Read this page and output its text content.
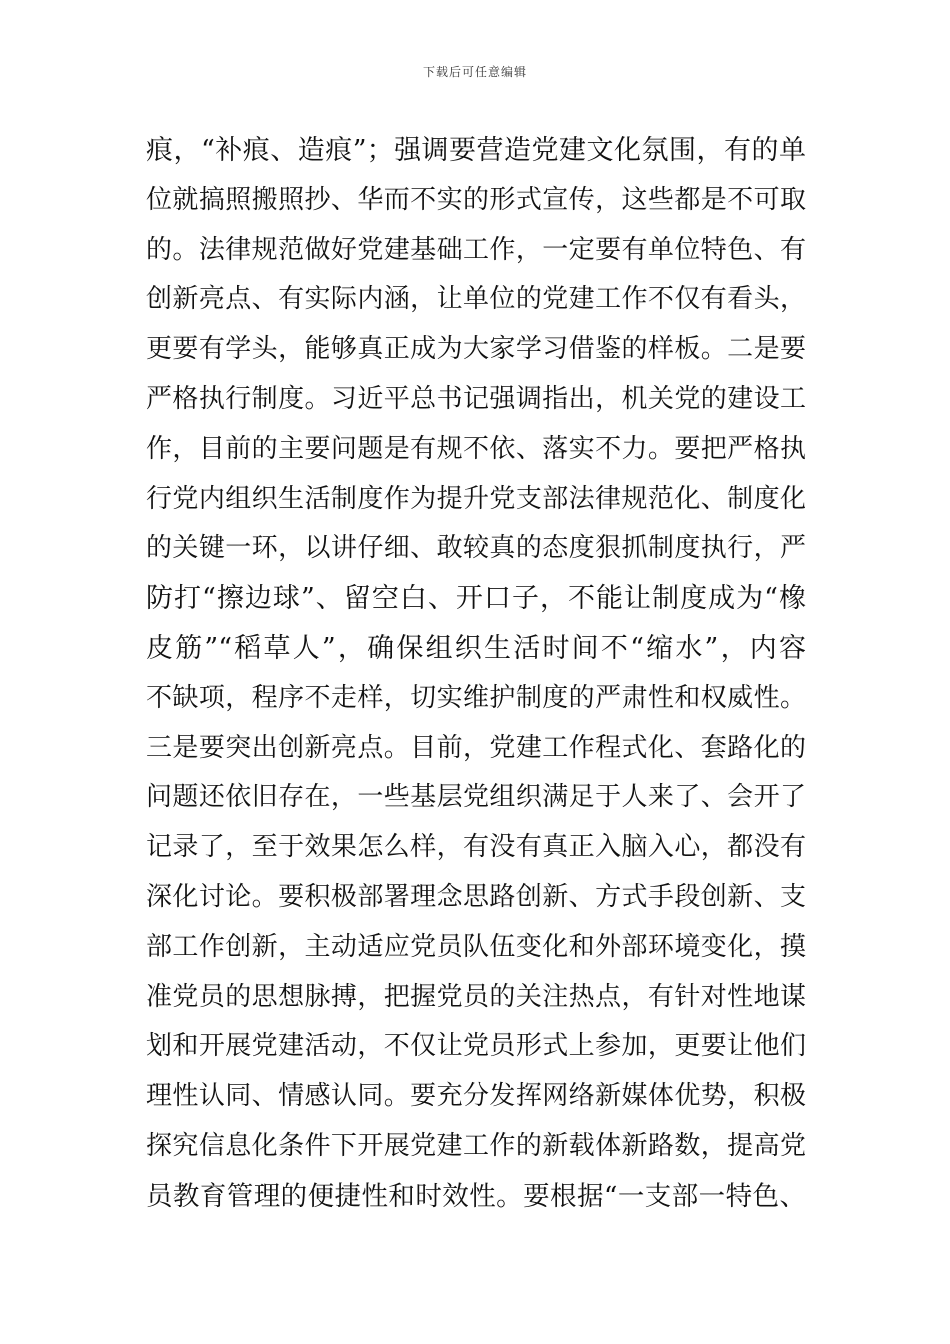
下载后可任意编辑
痕，“补痕、造痕”；强调要营造党建文化氛围，有的单
位就搞照搬照抄、华而不实的形式宣传，这些都是不可取
的。法律规范做好党建基础工作，一定要有单位特色、有
创新亮点、有实际内涵，让单位的党建工作不仅有看头，
更要有学头，能够真正成为大家学习借鉴的样板。二是要
严格执行制度。习近平总书记强调指出，机关党的建设工
作，目前的主要问题是有规不依、落实不力。要把严格执
行党内组织生活制度作为提升党支部法律规范化、制度化
的关键一环，以讲仔细、敢较真的态度狠抓制度执行，严
防打“擦边球”、留空白、开口子，不能让制度成为“橡
皮筋”“稻草人”，确保组织生活时间不“缩水”，内容
不缺项，程序不走样，切实维护制度的严肃性和权威性。
三是要突出创新亮点。目前，党建工作程式化、套路化的
问题还依旧存在，一些基层党组织满足于人来了、会开了
记录了，至于效果怎么样，有没有真正入脑入心，都没有
深化讨论。要积极部署理念思路创新、方式手段创新、支
部工作创新，主动适应党员队伍变化和外部环境变化，摸
准党员的思想脉搏，把握党员的关注热点，有针对性地谋
划和开展党建活动，不仅让党员形式上参加，更要让他们
理性认同、情感认同。要充分发挥网络新媒体优势，积极
探究信息化条件下开展党建工作的新载体新路数，提高党
员教育管理的便捷性和时效性。要根据“一支部一特色、
